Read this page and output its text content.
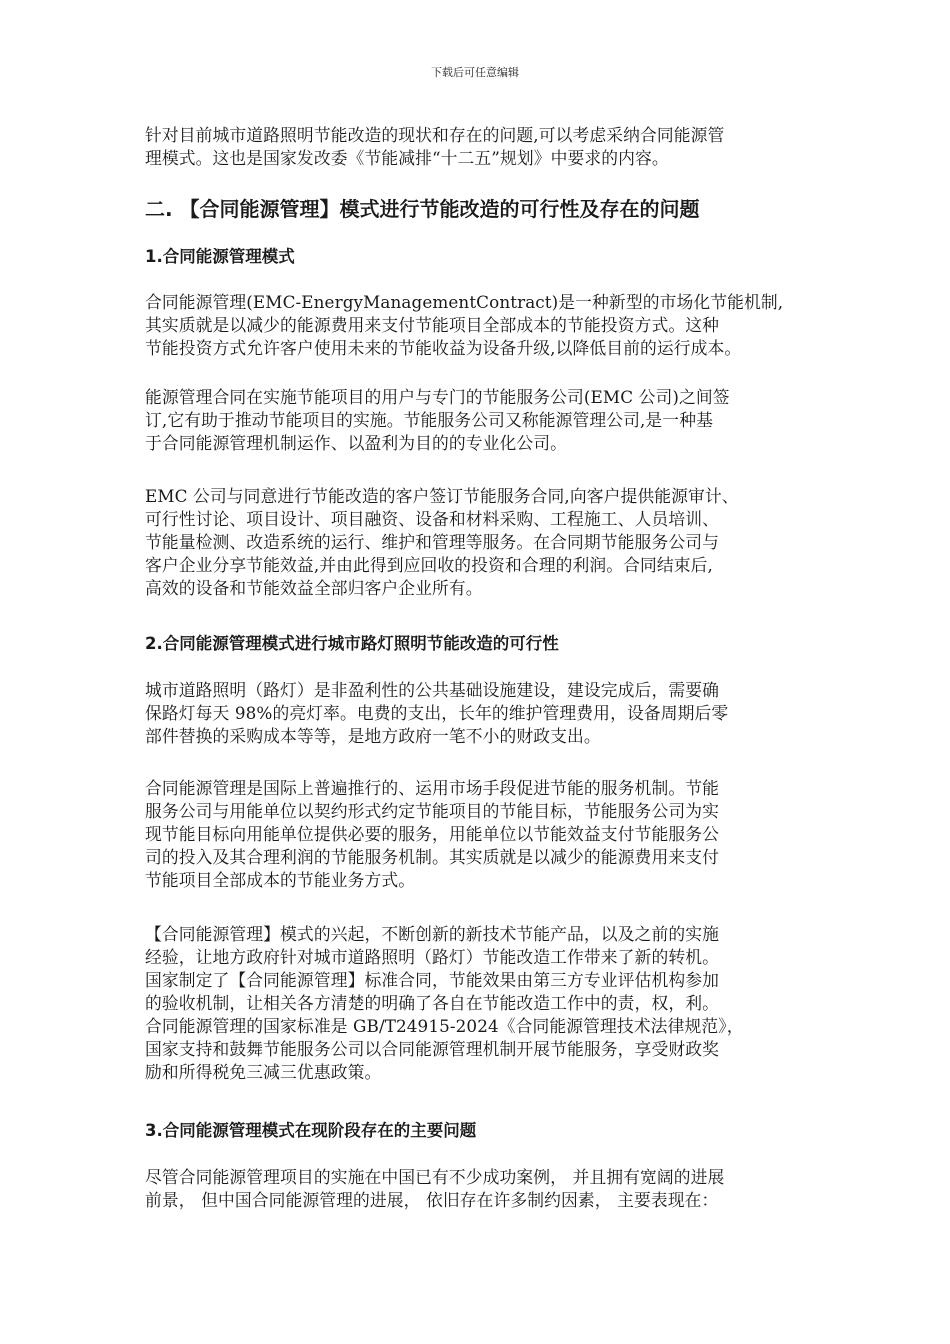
下载后可任意编辑
针对目前城市道路照明节能改造的现状和存在的问题,可以考虑采纳合同能源管
理模式。这也是国家发改委《节能减排“十二五”规划》中要求的内容。
二. 【合同能源管理】模式进行节能改造的可行性及存在的问题
1.合同能源管理模式
合同能源管理(EMC-EnergyManagementContract)是一种新型的市场化节能机制,
其实质就是以减少的能源费用来支付节能项目全部成本的节能投资方式。这种
节能投资方式允许客户使用未来的节能收益为设备升级,以降低目前的运行成本。
能源管理合同在实施节能项目的用户与专门的节能服务公司(EMC 公司)之间签
订,它有助于推动节能项目的实施。节能服务公司又称能源管理公司,是一种基
于合同能源管理机制运作、以盈利为目的的专业化公司。
EMC 公司与同意进行节能改造的客户签订节能服务合同,向客户提供能源审计、
可行性讨论、项目设计、项目融资、设备和材料采购、工程施工、人员培训、
节能量检测、改造系统的运行、维护和管理等服务。在合同期节能服务公司与
客户企业分享节能效益,并由此得到应回收的投资和合理的利润。合同结束后,
高效的设备和节能效益全部归客户企业所有。
2.合同能源管理模式进行城市路灯照明节能改造的可行性
城市道路照明（路灯）是非盈利性的公共基础设施建设，建设完成后，需要确
保路灯每天 98%的亮灯率。电费的支出，长年的维护管理费用，设备周期后零
部件替换的采购成本等等，是地方政府一笔不小的财政支出。
合同能源管理是国际上普遍推行的、运用市场手段促进节能的服务机制。节能
服务公司与用能单位以契约形式约定节能项目的节能目标，节能服务公司为实
现节能目标向用能单位提供必要的服务，用能单位以节能效益支付节能服务公
司的投入及其合理利润的节能服务机制。其实质就是以减少的能源费用来支付
节能项目全部成本的节能业务方式。
【合同能源管理】模式的兴起，不断创新的新技术节能产品，以及之前的实施
经验，让地方政府针对城市道路照明（路灯）节能改造工作带来了新的转机。
国家制定了【合同能源管理】标准合同，节能效果由第三方专业评估机构参加
的验收机制，让相关各方清楚的明确了各自在节能改造工作中的责，权，利。
合同能源管理的国家标准是 GB/T24915-2024《合同能源管理技术法律规范》，
国家支持和鼓舞节能服务公司以合同能源管理机制开展节能服务，享受财政奖
励和所得税免三减三优惠政策。
3.合同能源管理模式在现阶段存在的主要问题
尽管合同能源管理项目的实施在中国已有不少成功案例， 并且拥有宽阔的进展
前景， 但中国合同能源管理的进展， 依旧存在许多制约因素， 主要表现在：
